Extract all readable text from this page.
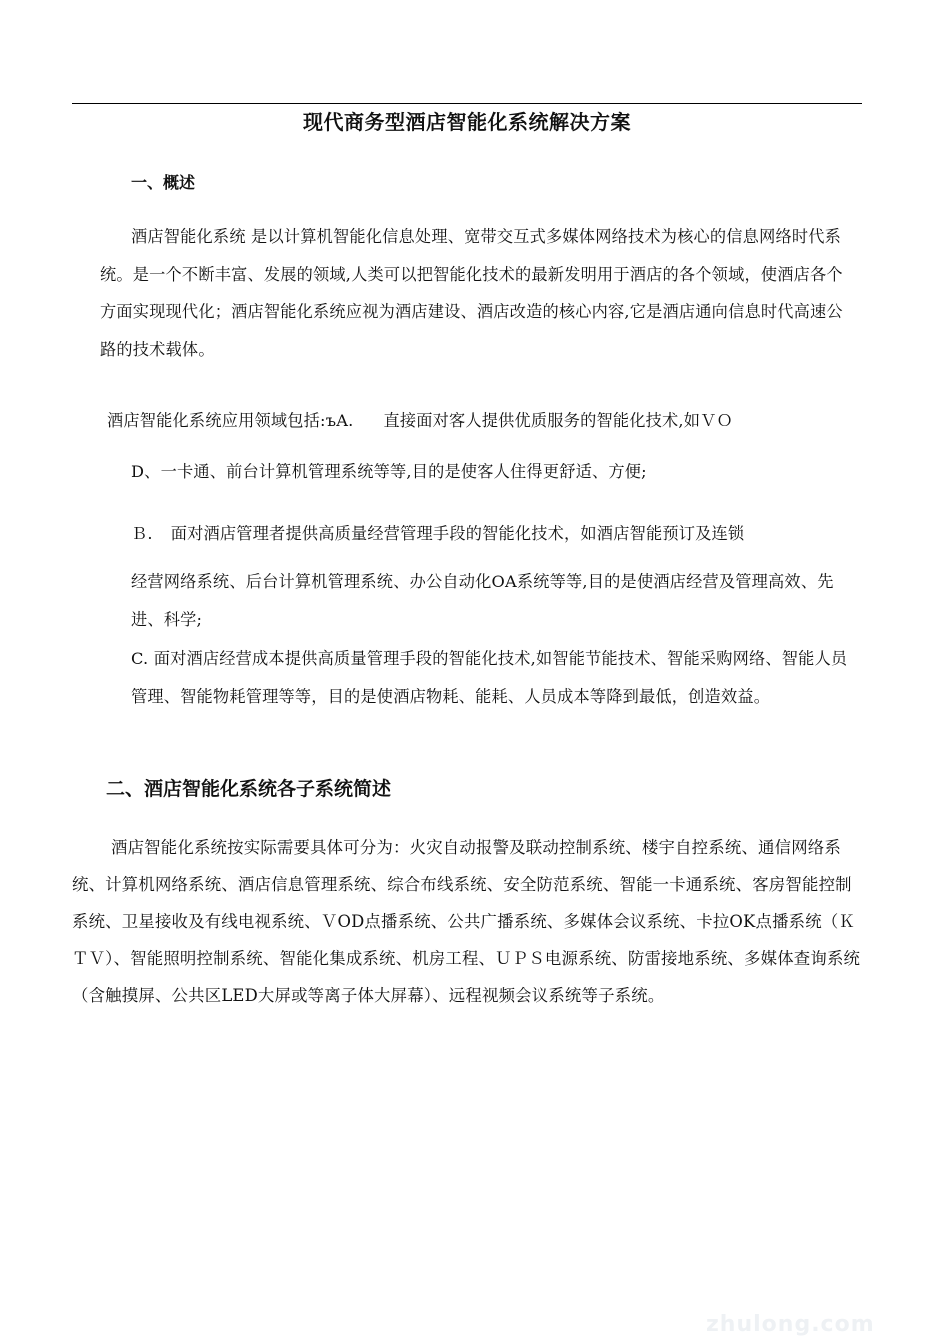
现代商务型酒店智能化系统解决方案
一、概述

酒店智能化系统 是以计算机智能化信息处理、宽带交互式多媒体网络技术为核心的信息网络时代系统。是一个不断丰富、发展的领域,人类可以把智能化技术的最新发明用于酒店的各个领域，使酒店各个方面实现现代化；酒店智能化系统应视为酒店建设、酒店改造的核心内容,它是酒店通向信息时代高速公路的技术载体。

酒店智能化系统应用领域包括:ъA. 直接面对客人提供优质服务的智能化技术,如ＶＯ
D、一卡通、前台计算机管理系统等等,目的是使客人住得更舒适、方便;
Ｂ. 面对酒店管理者提供高质量经营管理手段的智能化技术，如酒店智能预订及连锁

经营网络系统、后台计算机管理系统、办公自动化OA系统等等,目的是使酒店经营及管理高效、先进、科学;

C. 面对酒店经营成本提供高质量管理手段的智能化技术,如智能节能技术、智能采购网络、智能人员管理、智能物耗管理等等，目的是使酒店物耗、能耗、人员成本等降到最低，创造效益。

二、酒店智能化系统各子系统简述

酒店智能化系统按实际需要具体可分为：火灾自动报警及联动控制系统、楼宇自控系统、通信网络系统、计算机网络系统、酒店信息管理系统、综合布线系统、安全防范系统、智能一卡通系统、客房智能控制系统、卫星接收及有线电视系统、ＶOD点播系统、公共广播系统、多媒体会议系统、卡拉OK点播系统（ＫＴＶ）、智能照明控制系统、智能化集成系统、机房工程、ＵＰＳ电源系统、防雷接地系统、多媒体查询系统（含触摸屏、公共区LED大屏或等离子体大屏幕）、远程视频会议系统等子系统。

zhulong.com
